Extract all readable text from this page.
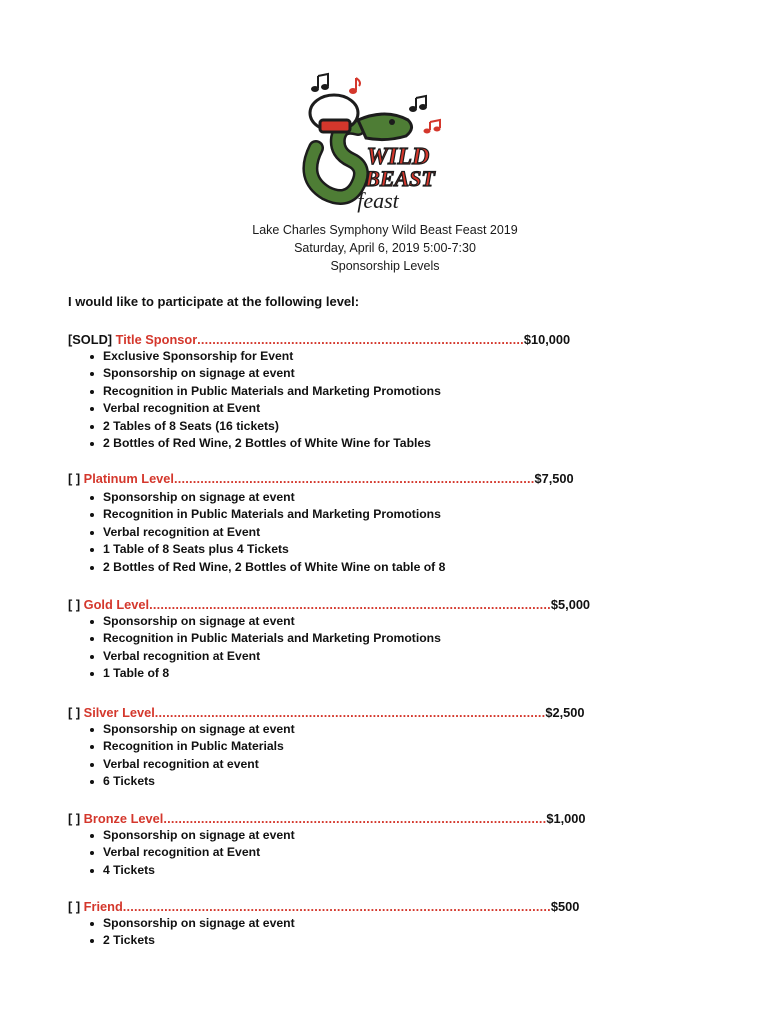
WILD
BEAST
feast
Lake Charles Symphony Wild Beast Feast 2019
Saturday, April 6, 2019 5:00-7:30
Sponsorship Levels
I would like to participate at the following level:
[SOLD] Title Sponsor.......................................................................................$10,000
Exclusive Sponsorship for Event
Sponsorship on signage at event
Recognition in Public Materials and Marketing Promotions
Verbal recognition at Event
2 Tables of 8 Seats (16 tickets)
2 Bottles of Red Wine, 2 Bottles of White Wine for Tables
[ ] Platinum Level................................................................................................$7,500
Sponsorship on signage at event
Recognition in Public Materials and Marketing Promotions
Verbal recognition at Event
1 Table of 8 Seats plus 4 Tickets
2 Bottles of Red Wine, 2 Bottles of White Wine on table of 8
[ ] Gold Level...........................................................................................................$5,000
Sponsorship on signage at event
Recognition in Public Materials and Marketing Promotions
Verbal recognition at Event
1 Table of 8
[ ] Silver Level........................................................................................................$2,500
Sponsorship on signage at event
Recognition in Public Materials
Verbal recognition at event
6 Tickets
[ ] Bronze Level......................................................................................................$1,000
Sponsorship on signage at event
Verbal recognition at Event
4 Tickets
[ ] Friend..................................................................................................................$500
Sponsorship on signage at event
2 Tickets
